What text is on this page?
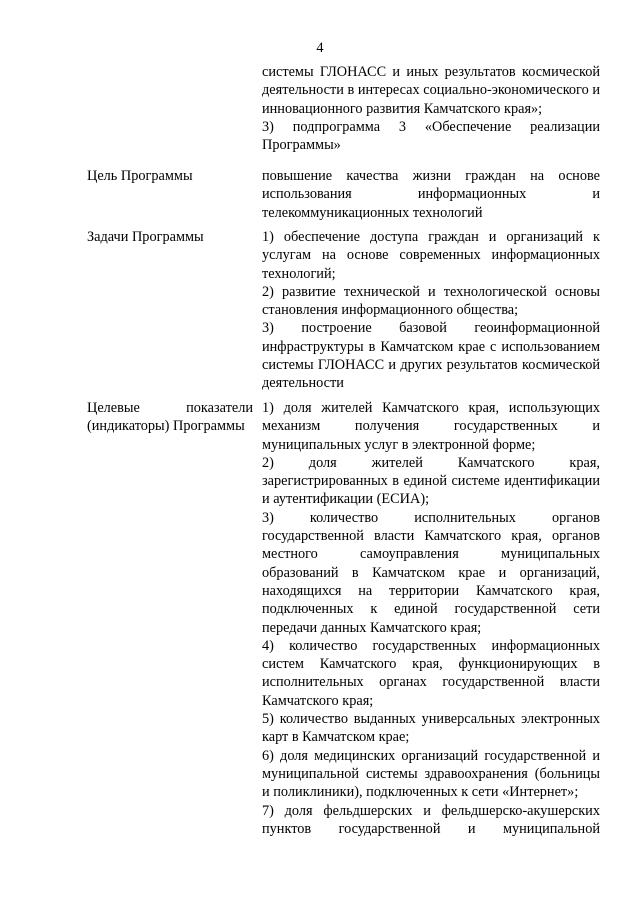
4

системы ГЛОНАСС и иных результатов космической деятельности в интересах социально-экономического и инновационного развития Камчатского края»;

3) подпрограмма 3 «Обеспечение реализации Программы»

Цель Программы	повышение качества жизни граждан на основе использования информационных и телекоммуникационных технологий

Задачи Программы	1) обеспечение доступа граждан и организаций к услугам на основе современных информационных технологий;

2) развитие технической и технологической основы становления информационного общества;

3) построение базовой геоинформационной инфраструктуры в Камчатском крае с использованием системы ГЛОНАСС и других результатов космической деятельности

Целевые показатели (индикаторы) Программы

1) доля жителей Камчатского края, использующих механизм получения государственных и муниципальных услуг в электронной форме;

2) доля жителей Камчатского края, зарегистрированных в единой системе идентификации и аутентификации (ЕСИА);

3) количество исполнительных органов государственной власти Камчатского края, органов местного самоуправления муниципальных образований в Камчатском крае и организаций, находящихся на территории Камчатского края, подключенных к единой государственной сети передачи данных Камчатского края;

4) количество государственных информационных систем Камчатского края, функционирующих в исполнительных органах государственной власти Камчатского края;

5) количество выданных универсальных электронных карт в Камчатском крае;

6) доля медицинских организаций государственной и муниципальной системы здравоохранения (больницы и поликлиники), подключенных к сети «Интернет»;

7) доля фельдшерских и фельдшерско-акушерских пунктов государственной и муниципальной
